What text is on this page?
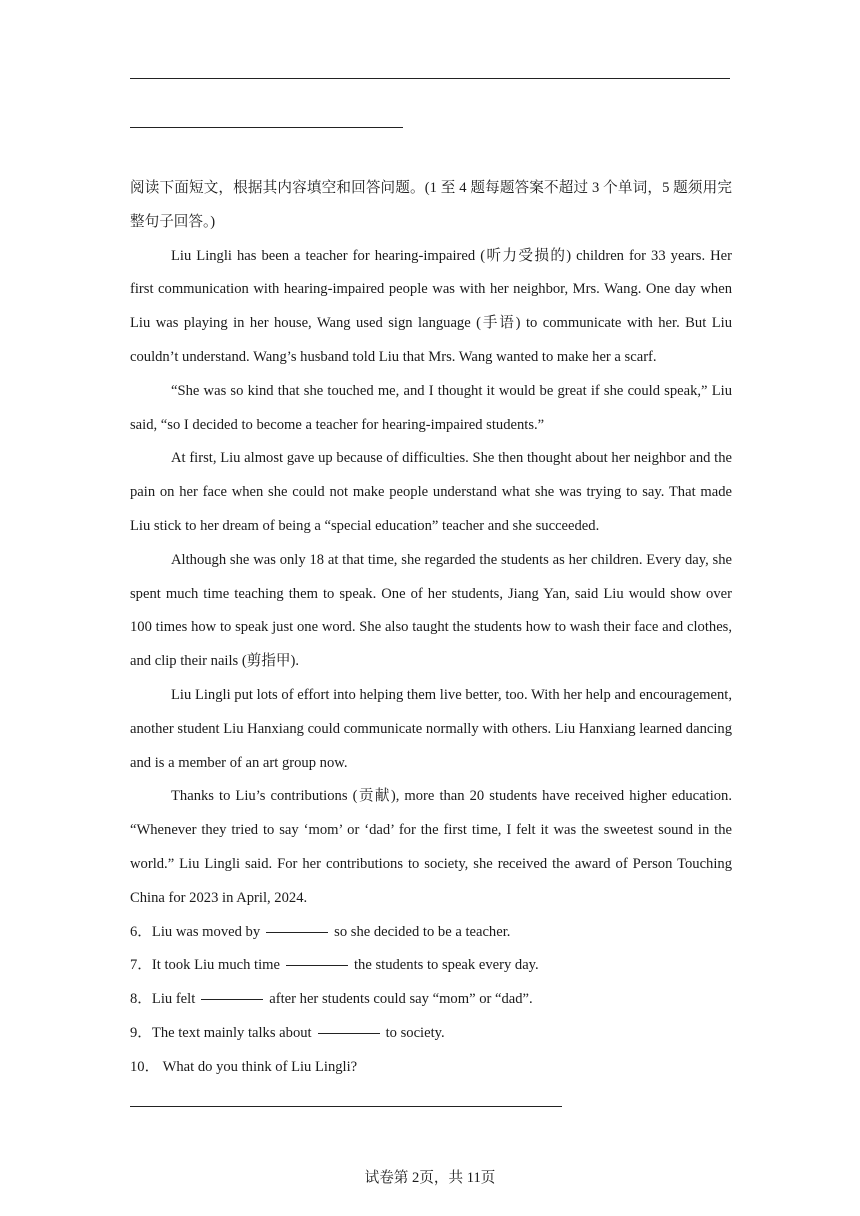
阅读下面短文，根据其内容填空和回答问题。(1 至 4 题每题答案不超过 3 个单词，5 题须用完整句子回答。)

Liu Lingli has been a teacher for hearing-impaired (听力受损的) children for 33 years. Her first communication with hearing-impaired people was with her neighbor, Mrs. Wang. One day when Liu was playing in her house, Wang used sign language (手语) to communicate with her. But Liu couldn’t understand. Wang’s husband told Liu that Mrs. Wang wanted to make her a scarf.

“She was so kind that she touched me, and I thought it would be great if she could speak,” Liu said, “so I decided to become a teacher for hearing-impaired students.”

At first, Liu almost gave up because of difficulties. She then thought about her neighbor and the pain on her face when she could not make people understand what she was trying to say. That made Liu stick to her dream of being a “special education” teacher and she succeeded.

Although she was only 18 at that time, she regarded the students as her children. Every day, she spent much time teaching them to speak. One of her students, Jiang Yan, said Liu would show over 100 times how to speak just one word. She also taught the students how to wash their face and clothes, and clip their nails (剪指甲).

Liu Lingli put lots of effort into helping them live better, too. With her help and encouragement, another student Liu Hanxiang could communicate normally with others. Liu Hanxiang learned dancing and is a member of an art group now.

Thanks to Liu’s contributions (贡献), more than 20 students have received higher education. “Whenever they tried to say ‘mom’ or ‘dad’ for the first time, I felt it was the sweetest sound in the world.” Liu Lingli said. For her contributions to society, she received the award of Person Touching China for 2023 in April, 2024.

6．Liu was moved by	so she decided to be a teacher.
7．It took Liu much time	the students to speak every day.
8．Liu felt	after her students could say “mom” or “dad”.
9．The text mainly talks about	to society.
10． What do you think of Liu Lingli?
试卷第 2页，共 11页
